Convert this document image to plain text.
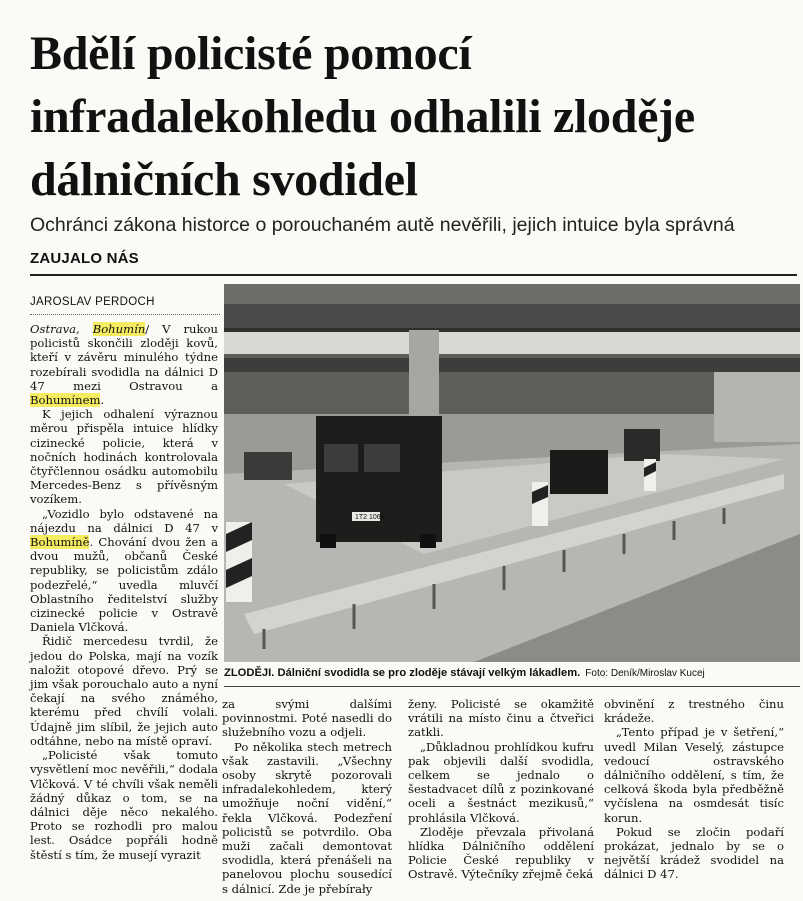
Bdělí policisté pomocí infradalekohledu odhalili zloděje dálničních svodidel

Ochránci zákona historce o porouchaném autě nevěřili, jejich intuice byla správná

ZAUJALO NÁS
JAROSLAV PERDOCH
1T2 1065
ZLODĚJI. Dálniční svodidla se pro zloděje stávají velkým lákadlem. Foto: Deník/Miroslav Kucej

Ostrava, Bohumín/ V rukou policistů skončili zloději kovů, kteří v závěru minulého týdne rozebírali svodidla na dálnici D 47 mezi Ostravou a Bohumínem.

K jejich odhalení výraznou měrou přispěla intuice hlídky cizinecké policie, která v nočních hodinách kontrolovala čtyřčlennou osádku automobilu Mercedes-Benz s přívěsným vozíkem.

„Vozidlo bylo odstavené na nájezdu na dálnici D 47 v Bohumíně. Chování dvou žen a dvou mužů, občanů České republiky, se policistům zdálo podezřelé,“ uvedla mluvčí Oblastního ředitelství služby cizinecké policie v Ostravě Daniela Vlčková.

Řidič mercedesu tvrdil, že jedou do Polska, mají na vozík naložit otopové dřevo. Prý se jim však porouchalo auto a nyní čekají na svého známého, kterému před chvílí volali. Údajně jim slíbil, že jejich auto odtáhne, nebo na místě opraví.

„Policisté však tomuto vysvětlení moc nevěřili,“ dodala Vlčková. V té chvíli však neměli žádný důkaz o tom, se na dálnici děje něco nekalého. Proto se rozhodli pro malou lest. Osádce popřáli hodně štěstí s tím, že musejí vyrazit

za svými dalšími povinnostmi. Poté nasedli do služebního vozu a odjeli.

Po několika stech metrech však zastavili. „Všechny osoby skrytě pozorovali infradalekohledem, který umožňuje noční vidění,“ řekla Vlčková. Podezření policistů se potvrdilo. Oba muži začali demontovat svodidla, která přenášeli na panelovou plochu sousedící s dálnicí. Zde je přebírały

ženy. Policisté se okamžitě vrátili na místo činu a čtveřici zatkli.

„Důkladnou prohlídkou kufru pak objevili další svodidla, celkem se jednalo o šestadvacet dílů z pozinkované oceli a šestnáct mezikusů,“ prohlásila Vlčková.

Zloděje převzala přivolaná hlídka Dálničního oddělení Policie České republiky v Ostravě. Výtečníky zřejmě čeká

obvinění z trestného činu krádeže.

„Tento případ je v šetření,“ uvedl Milan Veselý, zástupce vedoucí ostravského dálničního oddělení, s tím, že celková škoda byla předběžně vyčíslena na osmdesát tisíc korun.

Pokud se zločin podaří prokázat, jednalo by se o největší krádež svodidel na dálnici D 47.
